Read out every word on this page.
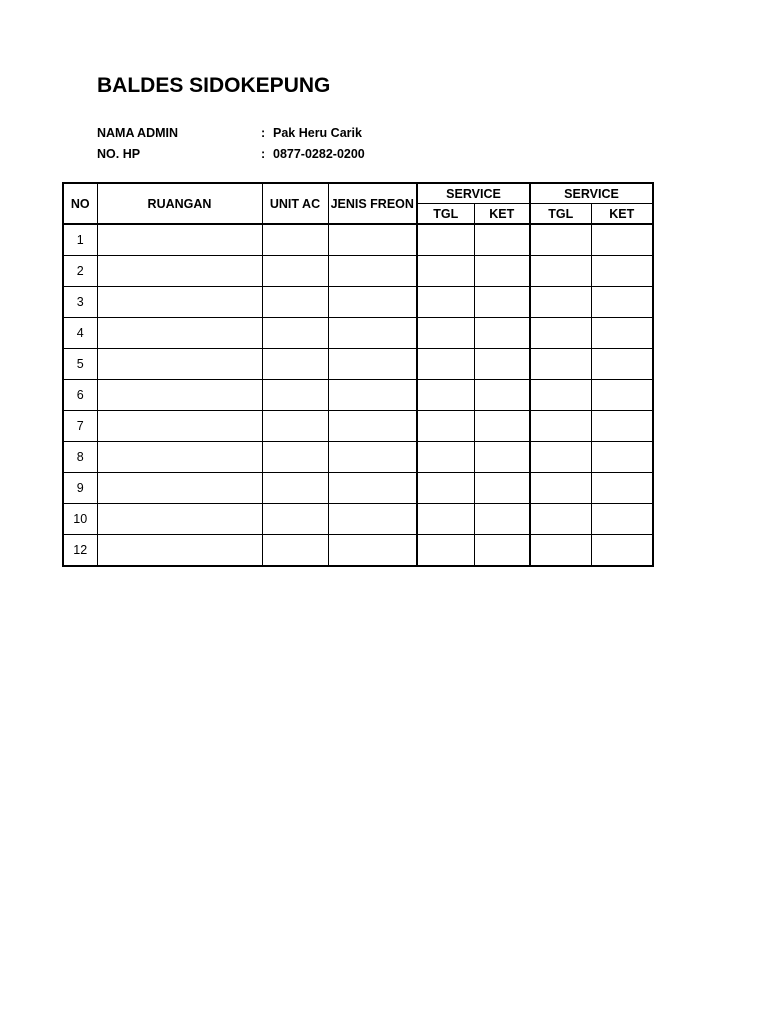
BALDES SIDOKEPUNG
NAMA ADMIN	: Pak Heru Carik
NO. HP	: 0877-0282-0200
NO	RUANGAN	UNIT AC	JENIS FREON	SERVICE		SERVICE	
				TGL	KET	TGL	KET
1							
2							
3							
4							
5							
6							
7							
8							
9							
10							
12							
